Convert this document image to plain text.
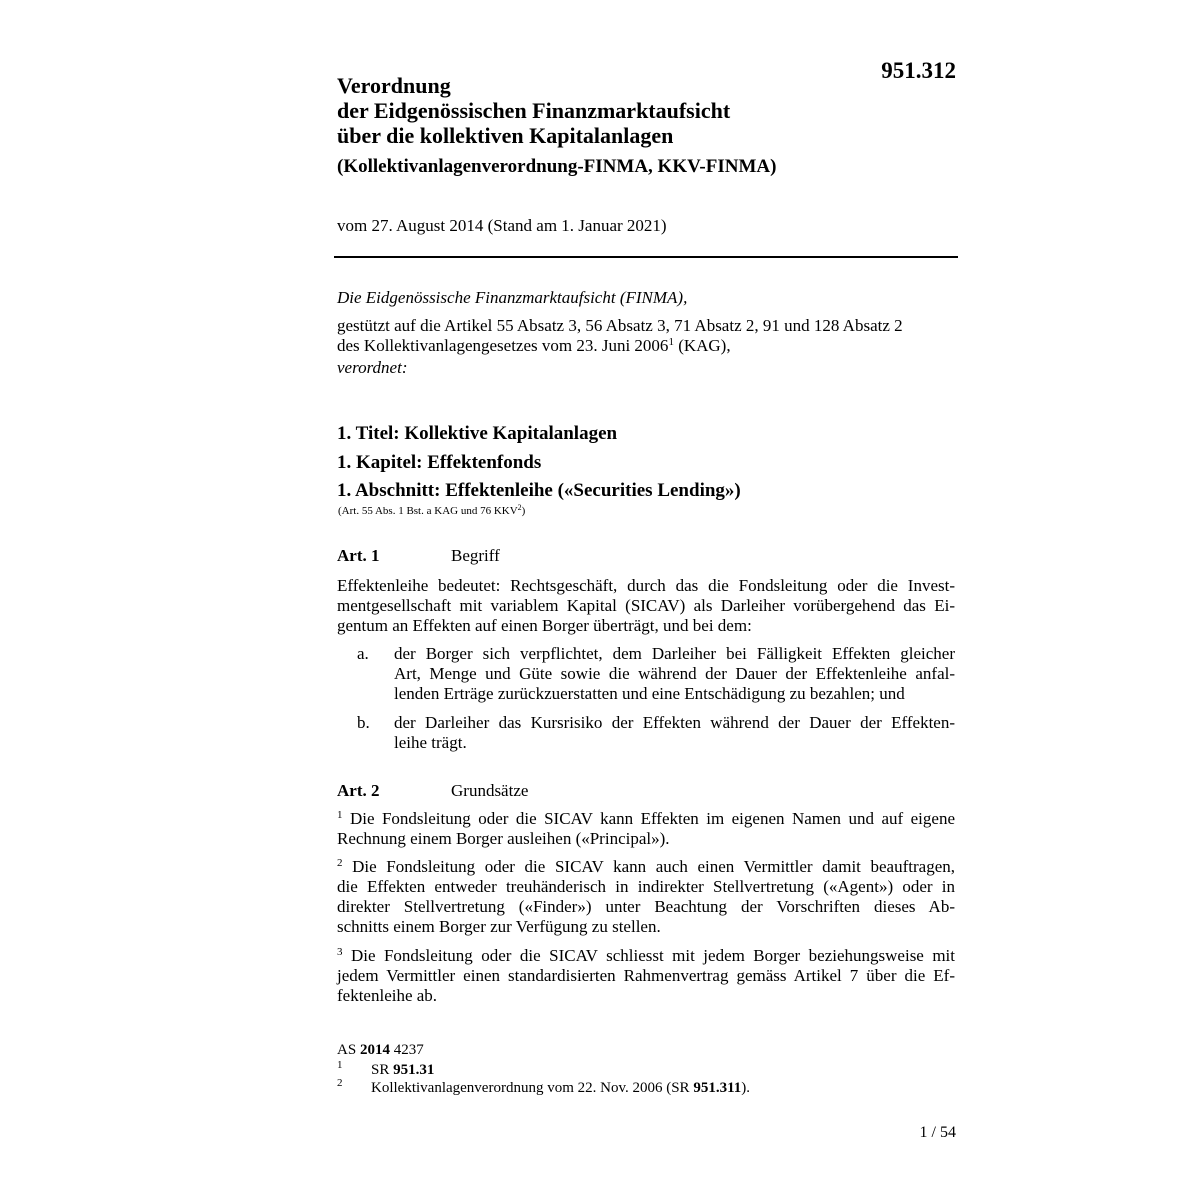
951.312
Verordnung
der Eidgenössischen Finanzmarktaufsicht
über die kollektiven Kapitalanlagen
(Kollektivanlagenverordnung-FINMA, KKV-FINMA)
vom 27. August 2014 (Stand am 1. Januar 2021)
Die Eidgenössische Finanzmarktaufsicht (FINMA),
gestützt auf die Artikel 55 Absatz 3, 56 Absatz 3, 71 Absatz 2, 91 und 128 Absatz 2
des Kollektivanlagengesetzes vom 23. Juni 2006$^1$ (KAG),
verordnet:
1. Titel: Kollektive Kapitalanlagen
1. Kapitel: Effektenfonds
1. Abschnitt: Effektenleihe («Securities Lending»)
(Art. 55 Abs. 1 Bst. a KAG und 76 KKV$^2$)
Art. 1	Begriff
Effektenleihe bedeutet: Rechtsgeschäft, durch das die Fondsleitung oder die Invest-
mentgesellschaft mit variablem Kapital (SICAV) als Darleiher vorübergehend das Ei-
gentum an Effekten auf einen Borger überträgt, und bei dem:
a. der Borger sich verpflichtet, dem Darleiher bei Fälligkeit Effekten gleicher
Art, Menge und Güte sowie die während der Dauer der Effektenleihe anfal-
lenden Erträge zurückzuerstatten und eine Entschädigung zu bezahlen; und
b. der Darleiher das Kursrisiko der Effekten während der Dauer der Effekten-
leihe trägt.
Art. 2	Grundsätze
$^1$ Die Fondsleitung oder die SICAV kann Effekten im eigenen Namen und auf eigene
Rechnung einem Borger ausleihen («Principal»).
$^2$ Die Fondsleitung oder die SICAV kann auch einen Vermittler damit beauftragen,
die Effekten entweder treuhänderisch in indirekter Stellvertretung («Agent») oder in
direkter Stellvertretung («Finder») unter Beachtung der Vorschriften dieses Ab-
schnitts einem Borger zur Verfügung zu stellen.
$^3$ Die Fondsleitung oder die SICAV schliesst mit jedem Borger beziehungsweise mit
jedem Vermittler einen standardisierten Rahmenvertrag gemäss Artikel 7 über die Ef-
fektenleihe ab.
AS 2014 4237
1 SR 951.31
2 Kollektivanlagenverordnung vom 22. Nov. 2006 (SR 951.311).
1 / 54
